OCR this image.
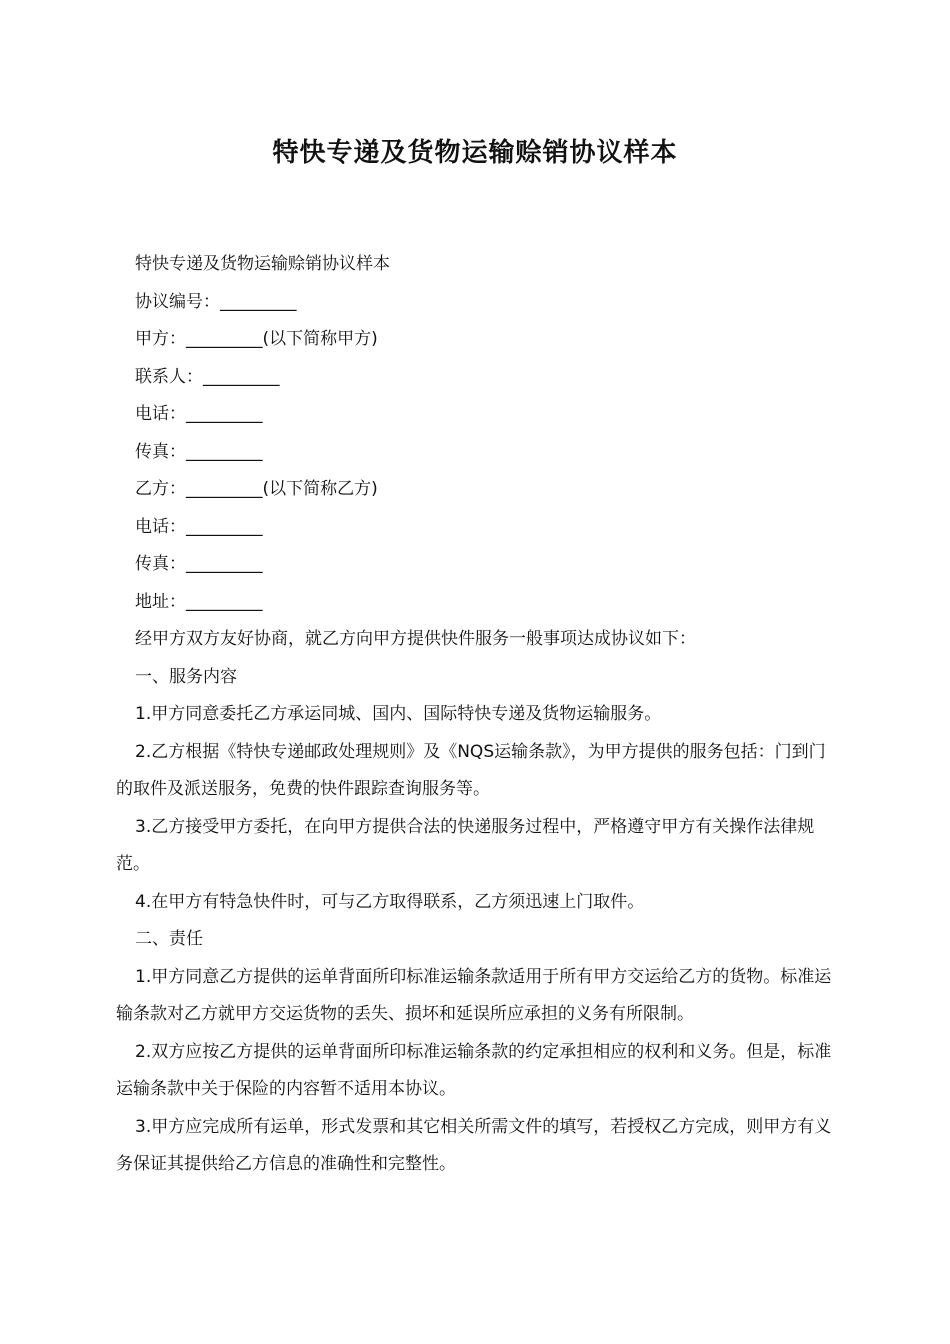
特快专递及货物运输赊销协议样本

特快专递及货物运输赊销协议样本

协议编号：_________

甲方：_________(以下简称甲方)

联系人：_________

电话：_________

传真：_________

乙方：_________(以下简称乙方)

电话：_________

传真：_________

地址：_________

经甲方双方友好协商，就乙方向甲方提供快件服务一般事项达成协议如下：

一、服务内容

1.甲方同意委托乙方承运同城、国内、国际特快专递及货物运输服务。

2.乙方根据《特快专递邮政处理规则》及《NQS运输条款》，为甲方提供的服务包括：门到门的取件及派送服务，免费的快件跟踪查询服务等。

3.乙方接受甲方委托，在向甲方提供合法的快递服务过程中，严格遵守甲方有关操作法律规范。

4.在甲方有特急快件时，可与乙方取得联系，乙方须迅速上门取件。

二、责任

1.甲方同意乙方提供的运单背面所印标准运输条款适用于所有甲方交运给乙方的货物。标准运输条款对乙方就甲方交运货物的丢失、损坏和延误所应承担的义务有所限制。

2.双方应按乙方提供的运单背面所印标准运输条款的约定承担相应的权利和义务。但是，标准运输条款中关于保险的内容暂不适用本协议。

3.甲方应完成所有运单，形式发票和其它相关所需文件的填写，若授权乙方完成，则甲方有义务保证其提供给乙方信息的准确性和完整性。
